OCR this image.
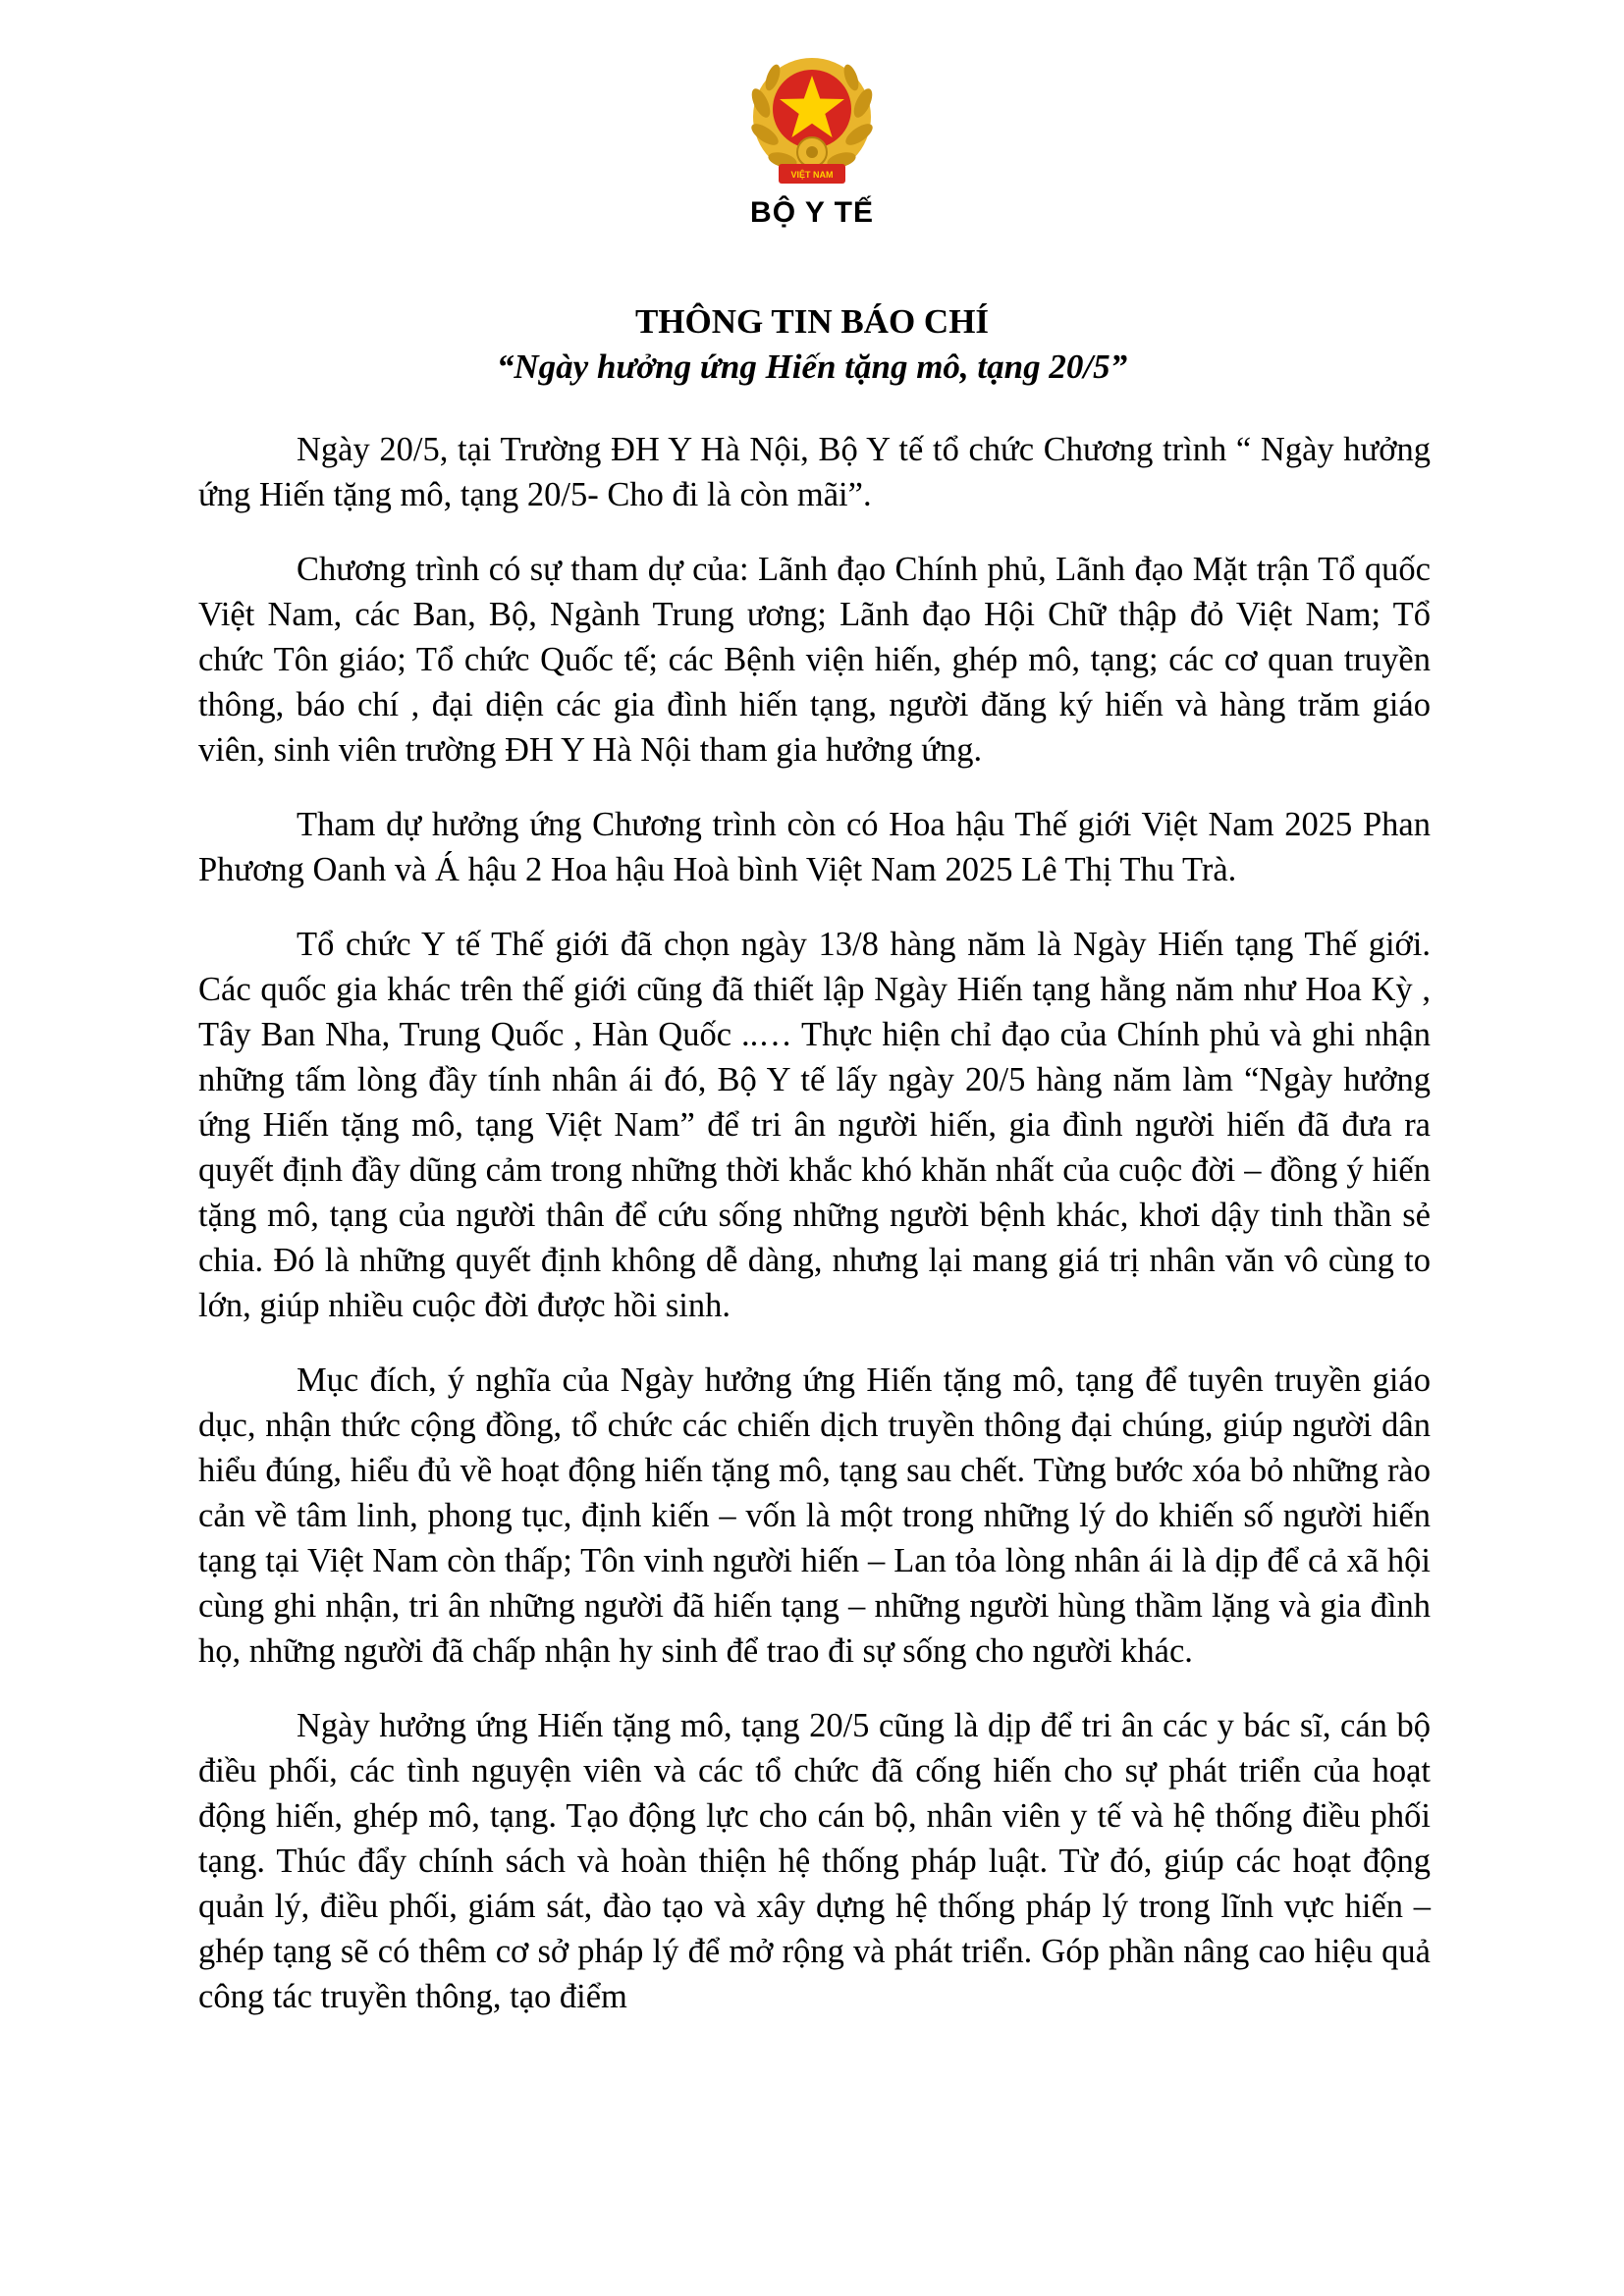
VIỆT NAM
BỘ Y TẾ
THÔNG TIN BÁO CHÍ
“Ngày hưởng ứng Hiến tặng mô, tạng 20/5”

Ngày 20/5, tại Trường ĐH Y Hà Nội, Bộ Y tế tổ chức Chương trình “ Ngày hưởng ứng Hiến tặng mô, tạng 20/5- Cho đi là còn mãi”.

Chương trình có sự tham dự của: Lãnh đạo Chính phủ, Lãnh đạo Mặt trận Tổ quốc Việt Nam, các Ban, Bộ, Ngành Trung ương; Lãnh đạo Hội Chữ thập đỏ Việt Nam; Tổ chức Tôn giáo; Tổ chức Quốc tế; các Bệnh viện hiến, ghép mô, tạng; các cơ quan truyền thông, báo chí , đại diện các gia đình hiến tạng, người đăng ký hiến và hàng trăm giáo viên, sinh viên trường ĐH Y Hà Nội tham gia hưởng ứng.

Tham dự hưởng ứng Chương trình còn có Hoa hậu Thế giới Việt Nam 2025 Phan Phương Oanh và Á hậu 2 Hoa hậu Hoà bình Việt Nam 2025 Lê Thị Thu Trà.

Tổ chức Y tế Thế giới đã chọn ngày 13/8 hàng năm là Ngày Hiến tạng Thế giới. Các quốc gia khác trên thế giới cũng đã thiết lập Ngày Hiến tạng hằng năm như Hoa Kỳ , Tây Ban Nha, Trung Quốc , Hàn Quốc ..… Thực hiện chỉ đạo của Chính phủ và ghi nhận những tấm lòng đầy tính nhân ái đó, Bộ Y tế lấy ngày 20/5 hàng năm làm “Ngày hưởng ứng Hiến tặng mô, tạng Việt Nam” để tri ân người hiến, gia đình người hiến đã đưa ra quyết định đầy dũng cảm trong những thời khắc khó khăn nhất của cuộc đời – đồng ý hiến tặng mô, tạng của người thân để cứu sống những người bệnh khác, khơi dậy tinh thần sẻ chia. Đó là những quyết định không dễ dàng, nhưng lại mang giá trị nhân văn vô cùng to lớn, giúp nhiều cuộc đời được hồi sinh.

Mục đích, ý nghĩa của Ngày hưởng ứng Hiến tặng mô, tạng để tuyên truyền giáo dục, nhận thức cộng đồng, tổ chức các chiến dịch truyền thông đại chúng, giúp người dân hiểu đúng, hiểu đủ về hoạt động hiến tặng mô, tạng sau chết. Từng bước xóa bỏ những rào cản về tâm linh, phong tục, định kiến – vốn là một trong những lý do khiến số người hiến tạng tại Việt Nam còn thấp; Tôn vinh người hiến – Lan tỏa lòng nhân ái là dịp để cả xã hội cùng ghi nhận, tri ân những người đã hiến tạng – những người hùng thầm lặng và gia đình họ, những người đã chấp nhận hy sinh để trao đi sự sống cho người khác.

Ngày hưởng ứng Hiến tặng mô, tạng 20/5 cũng là dịp để tri ân các y bác sĩ, cán bộ điều phối, các tình nguyện viên và các tổ chức đã cống hiến cho sự phát triển của hoạt động hiến, ghép mô, tạng. Tạo động lực cho cán bộ, nhân viên y tế và hệ thống điều phối tạng. Thúc đẩy chính sách và hoàn thiện hệ thống pháp luật. Từ đó, giúp các hoạt động quản lý, điều phối, giám sát, đào tạo và xây dựng hệ thống pháp lý trong lĩnh vực hiến – ghép tạng sẽ có thêm cơ sở pháp lý để mở rộng và phát triển. Góp phần nâng cao hiệu quả công tác truyền thông, tạo điểm
